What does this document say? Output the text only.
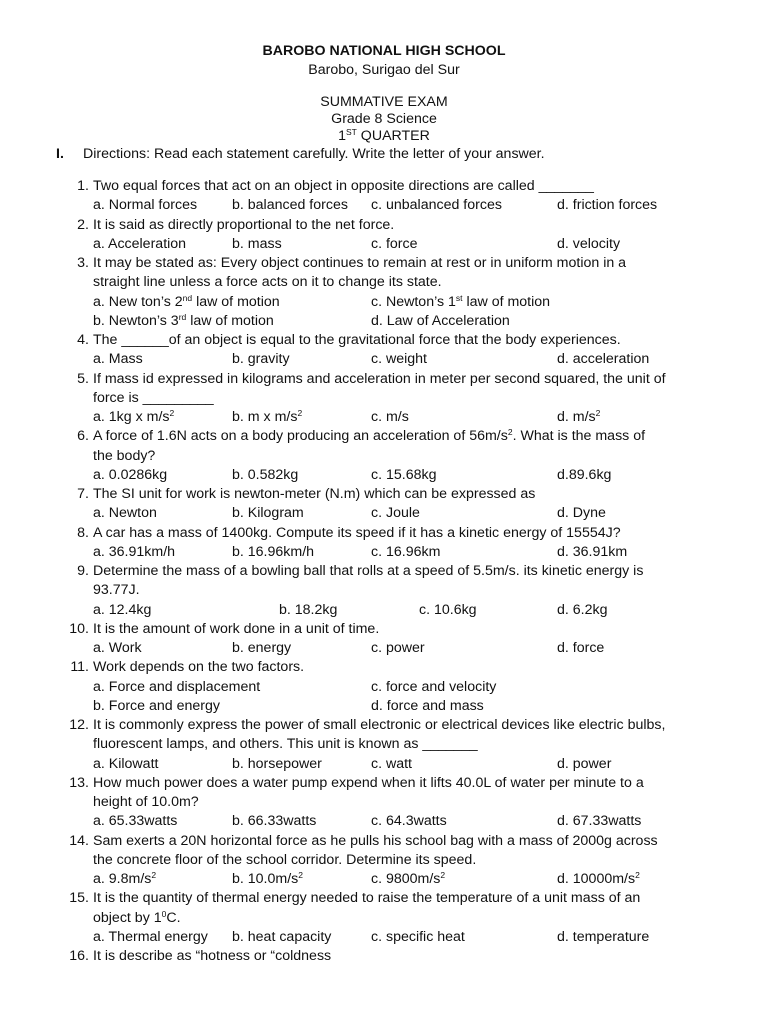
BAROBO NATIONAL HIGH SCHOOL
Barobo, Surigao del Sur
SUMMATIVE EXAM
Grade 8 Science
1ST QUARTER
I. Directions: Read each statement carefully. Write the letter of your answer.
1. Two equal forces that act on an object in opposite directions are called _______
a. Normal forces b. balanced forces c. unbalanced forces	d. friction forces
2. It is said as directly proportional to the net force.
a. Acceleration	b. mass	c. force	d. velocity
3. It may be stated as: Every object continues to remain at rest or in uniform motion in a
straight line unless a force acts on it to change its state.
a. New ton’s 2nd law of motion	c. Newton’s 1st law of motion
b. Newton’s 3rd law of motion	d. Law of Acceleration
4. The ______of an object is equal to the gravitational force that the body experiences.
a. Mass	b. gravity	c. weight	d. acceleration
5. If mass id expressed in kilograms and acceleration in meter per second squared, the unit of
force is _________
a. 1kg x $m/s^2$	b. m x $m/s^2$	c. m/s	d. $m/s^2$
6. A force of 1.6N acts on a body producing an acceleration of $56m/s^2$. What is the mass of
the body?
a. 0.0286kg	b. 0.582kg	c. 15.68kg	d.89.6kg
7. The SI unit for work is newton-meter (N.m) which can be expressed as
a. Newton	b. Kilogram	c. Joule	d. Dyne
8. A car has a mass of 1400kg. Compute its speed if it has a kinetic energy of 15554J?
a. 36.91km/h	b. 16.96km/h	c. 16.96km	d. 36.91km
9. Determine the mass of a bowling ball that rolls at a speed of 5.5m/s. its kinetic energy is
93.77J.
a. 12.4kg	b. 18.2kg	c. 10.6kg	d. 6.2kg
10. It is the amount of work done in a unit of time.
a. Work	b. energy	c. power	d. force
11. Work depends on the two factors.
a. Force and displacement	c. force and velocity
b. Force and energy	d. force and mass
12. It is commonly express the power of small electronic or electrical devices like electric bulbs,
fluorescent lamps, and others. This unit is known as _______
a. Kilowatt	b. horsepower	c. watt	d. power
13. How much power does a water pump expend when it lifts 40.0L of water per minute to a
height of 10.0m?
a. 65.33watts	b. 66.33watts	c. 64.3watts	d. 67.33watts
14. Sam exerts a 20N horizontal force as he pulls his school bag with a mass of 2000g across
the concrete floor of the school corridor. Determine its speed.
a. $9.8m/s^2$	b. $10.0m/s^2$	c. $9800m/s^2$	d. $10000m/s^2$
15. It is the quantity of thermal energy needed to raise the temperature of a unit mass of an
object by $1^0C$.
a. Thermal energy b. heat capacity	c. specific heat	d. temperature
16. It is describe as “hotness or “coldness
